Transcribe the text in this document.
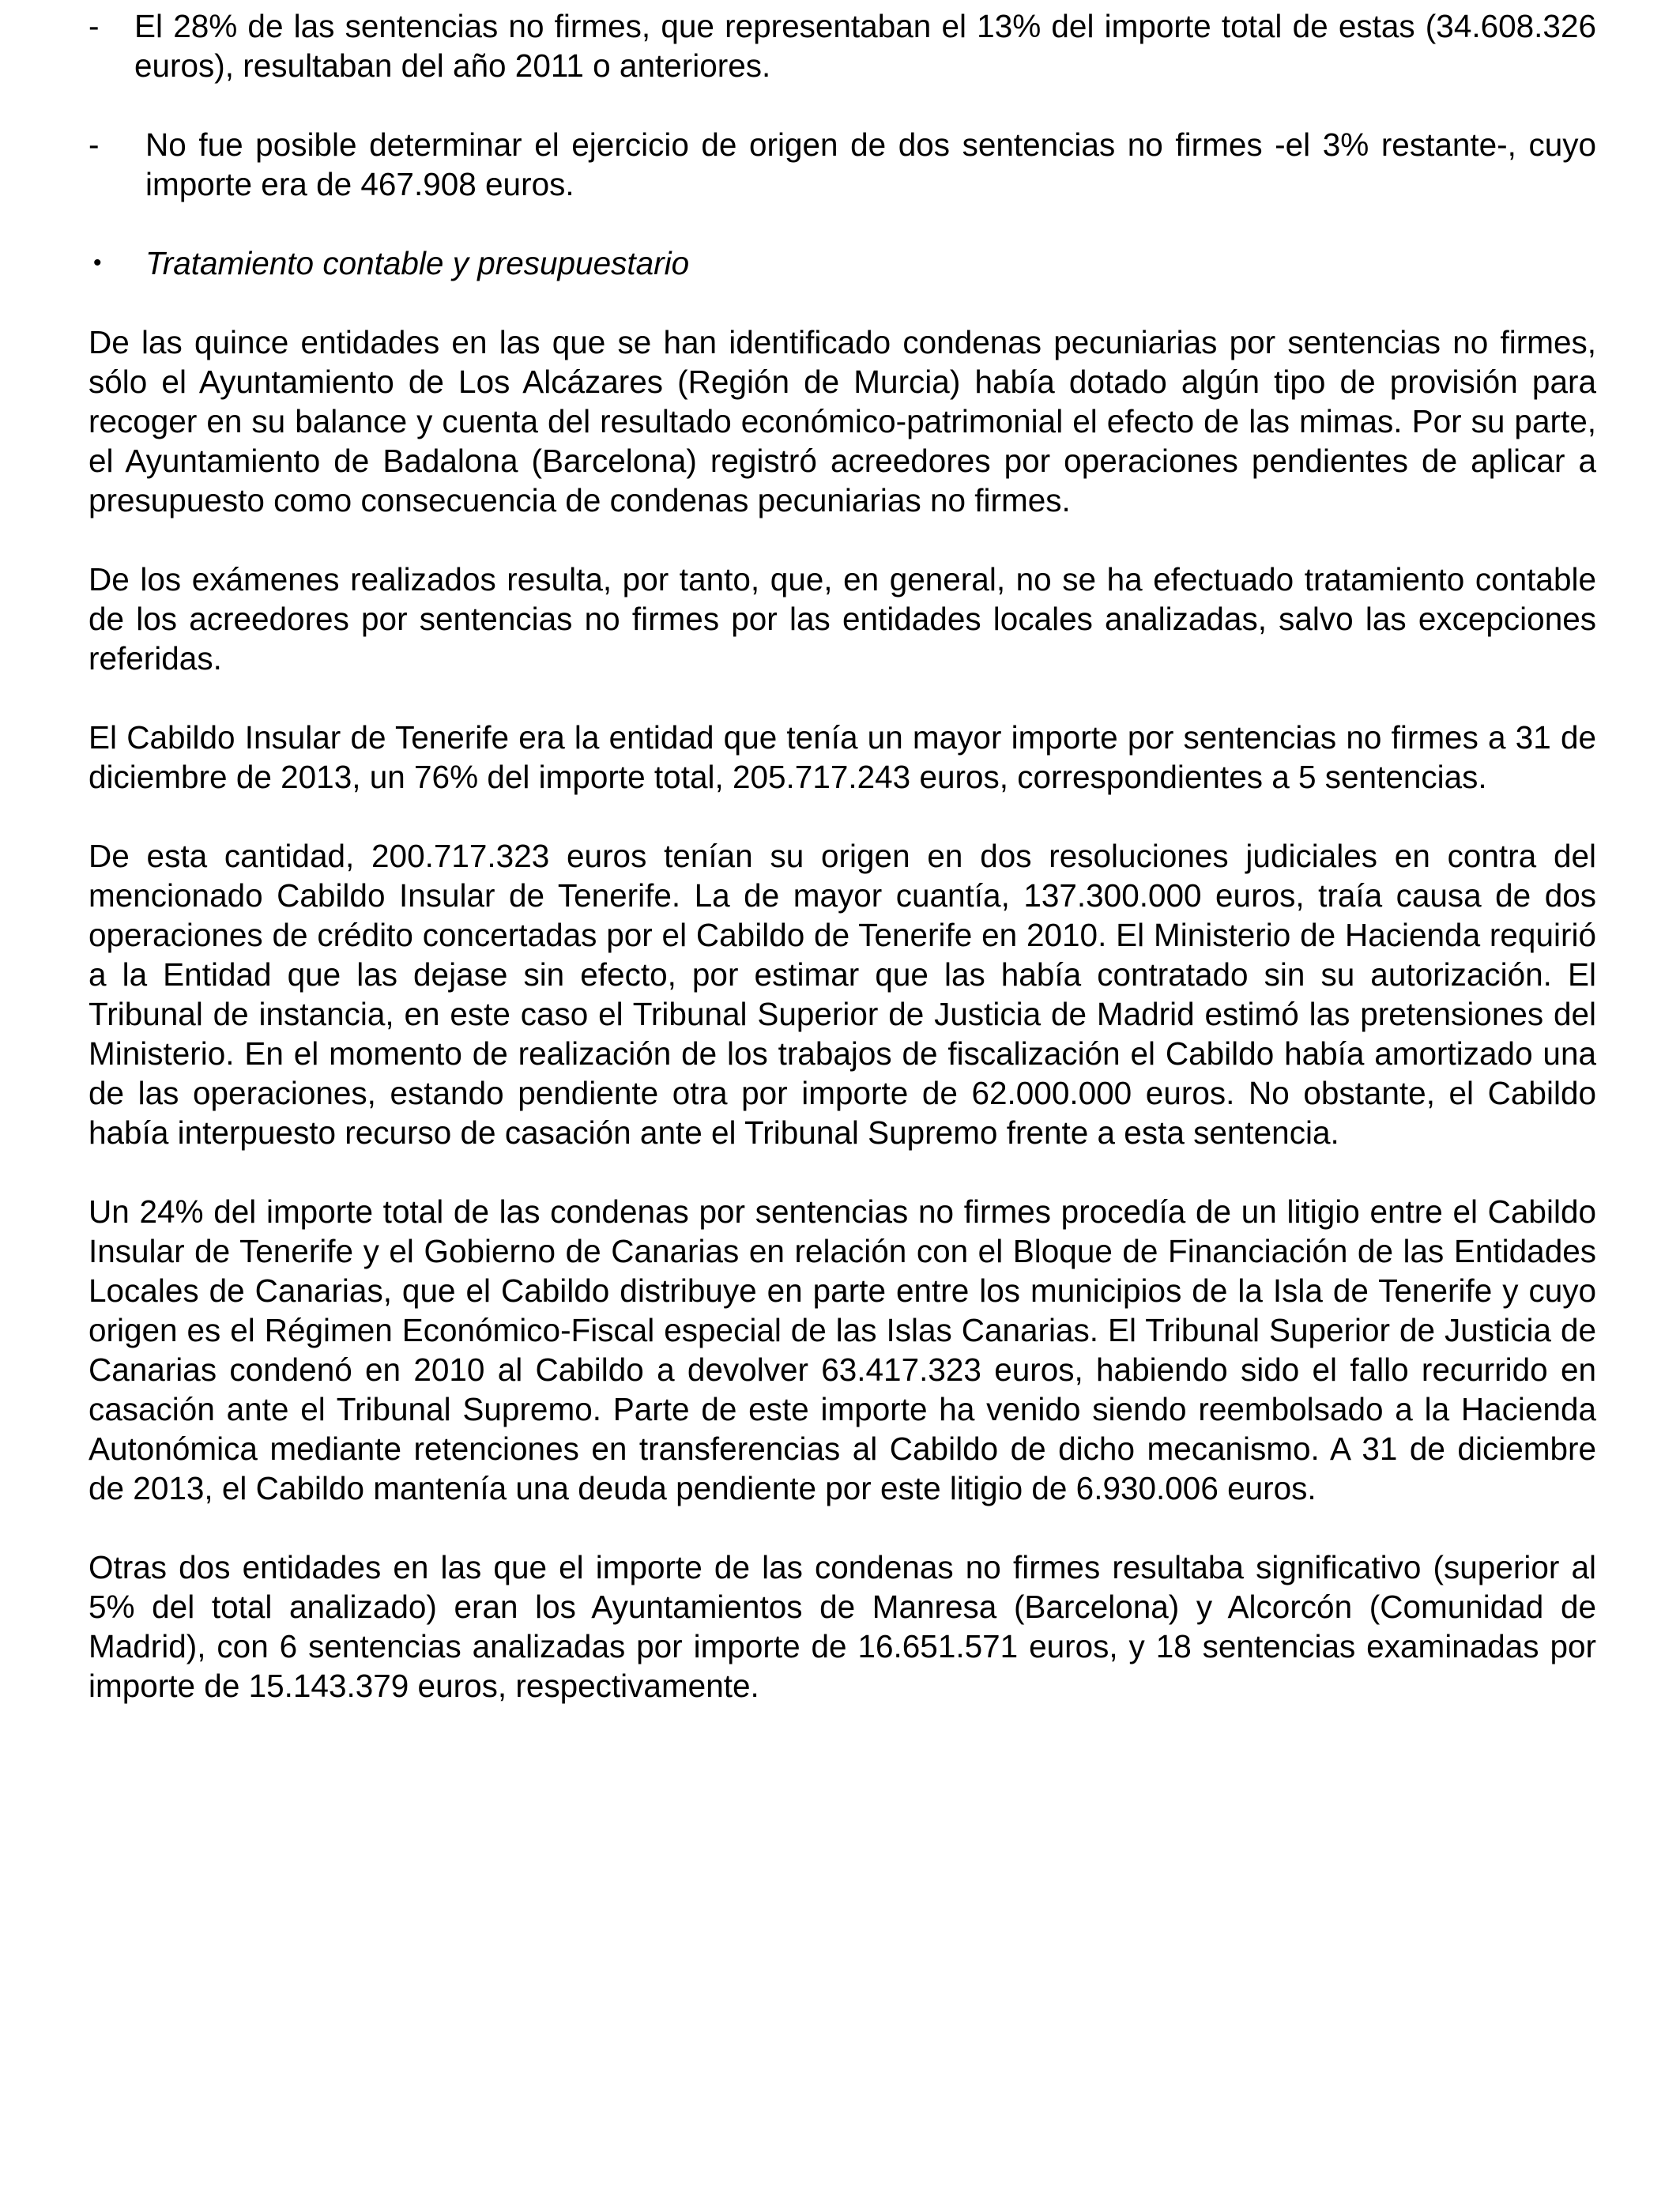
- El 28% de las sentencias no firmes, que representaban el 13% del importe total de estas (34.608.326 euros), resultaban del año 2011 o anteriores.
- No fue posible determinar el ejercicio de origen de dos sentencias no firmes -el 3% restante-, cuyo importe era de 467.908 euros.
• Tratamiento contable y presupuestario

De las quince entidades en las que se han identificado condenas pecuniarias por sentencias no firmes, sólo el Ayuntamiento de Los Alcázares (Región de Murcia) había dotado algún tipo de provisión para recoger en su balance y cuenta del resultado económico-patrimonial el efecto de las mimas. Por su parte, el Ayuntamiento de Badalona (Barcelona) registró acreedores por operaciones pendientes de aplicar a presupuesto como consecuencia de condenas pecuniarias no firmes.

De los exámenes realizados resulta, por tanto, que, en general, no se ha efectuado tratamiento contable de los acreedores por sentencias no firmes por las entidades locales analizadas, salvo las excepciones referidas.

El Cabildo Insular de Tenerife era la entidad que tenía un mayor importe por sentencias no firmes a 31 de diciembre de 2013, un 76% del importe total, 205.717.243 euros, correspondientes a 5 sentencias.

De esta cantidad, 200.717.323 euros tenían su origen en dos resoluciones judiciales en contra del mencionado Cabildo Insular de Tenerife. La de mayor cuantía, 137.300.000 euros, traía causa de dos operaciones de crédito concertadas por el Cabildo de Tenerife en 2010. El Ministerio de Hacienda requirió a la Entidad que las dejase sin efecto, por estimar que las había contratado sin su autorización. El Tribunal de instancia, en este caso el Tribunal Superior de Justicia de Madrid estimó las pretensiones del Ministerio. En el momento de realización de los trabajos de fiscalización el Cabildo había amortizado una de las operaciones, estando pendiente otra por importe de 62.000.000 euros. No obstante, el Cabildo había interpuesto recurso de casación ante el Tribunal Supremo frente a esta sentencia.

Un 24% del importe total de las condenas por sentencias no firmes procedía de un litigio entre el Cabildo Insular de Tenerife y el Gobierno de Canarias en relación con el Bloque de Financiación de las Entidades Locales de Canarias, que el Cabildo distribuye en parte entre los municipios de la Isla de Tenerife y cuyo origen es el Régimen Económico-Fiscal especial de las Islas Canarias. El Tribunal Superior de Justicia de Canarias condenó en 2010 al Cabildo a devolver 63.417.323 euros, habiendo sido el fallo recurrido en casación ante el Tribunal Supremo. Parte de este importe ha venido siendo reembolsado a la Hacienda Autonómica mediante retenciones en transferencias al Cabildo de dicho mecanismo. A 31 de diciembre de 2013, el Cabildo mantenía una deuda pendiente por este litigio de 6.930.006 euros.

Otras dos entidades en las que el importe de las condenas no firmes resultaba significativo (superior al 5% del total analizado) eran los Ayuntamientos de Manresa (Barcelona) y Alcorcón (Comunidad de Madrid), con 6 sentencias analizadas por importe de 16.651.571 euros, y 18 sentencias examinadas por importe de 15.143.379 euros, respectivamente.
